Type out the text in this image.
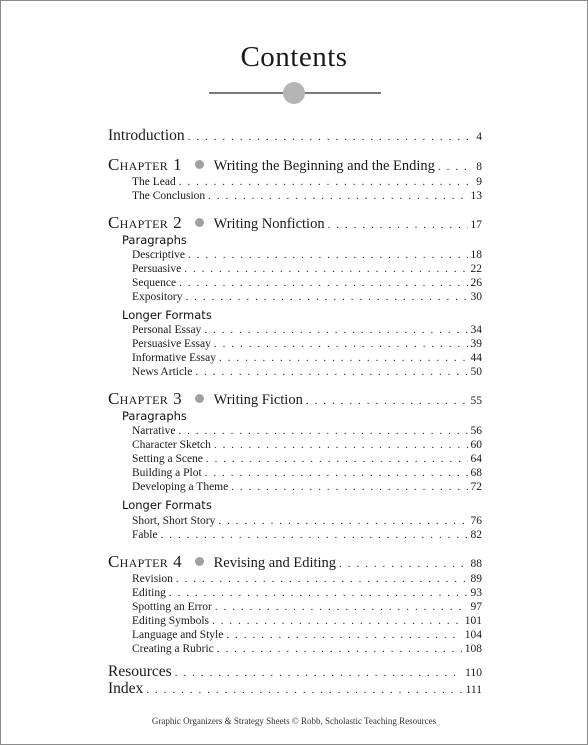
Contents
Introduction . . .	4
Chapter 1 Writing the Beginning and the Ending . . .	8
The Lead . . .	9
The Conclusion . . .	13
Chapter 2 Writing Nonfiction . . .	17
Paragraphs
Descriptive . . .	18
Persuasive . . .	22
Sequence . . .	26
Expository . . .	30
Longer Formats
Personal Essay . . .	34
Persuasive Essay . . .	39
Informative Essay . . .	44
News Article . . .	50
Chapter 3 Writing Fiction . . .	55
Paragraphs
Narrative . . .	56
Character Sketch . . .	60
Setting a Scene . . .	64
Building a Plot . . .	68
Developing a Theme . . .	72
Longer Formats
Short, Short Story . . .	76
Fable . . .	82
Chapter 4 Revising and Editing . . .	88
Revision . . .	89
Editing . . .	93
Spotting an Error . . .	97
Editing Symbols . . .	101
Language and Style . . .	104
Creating a Rubric . . .	108
Resources . . .	110
Index . . .	111
Graphic Organizers & Strategy Sheets © Robb, Scholastic Teaching Resources
